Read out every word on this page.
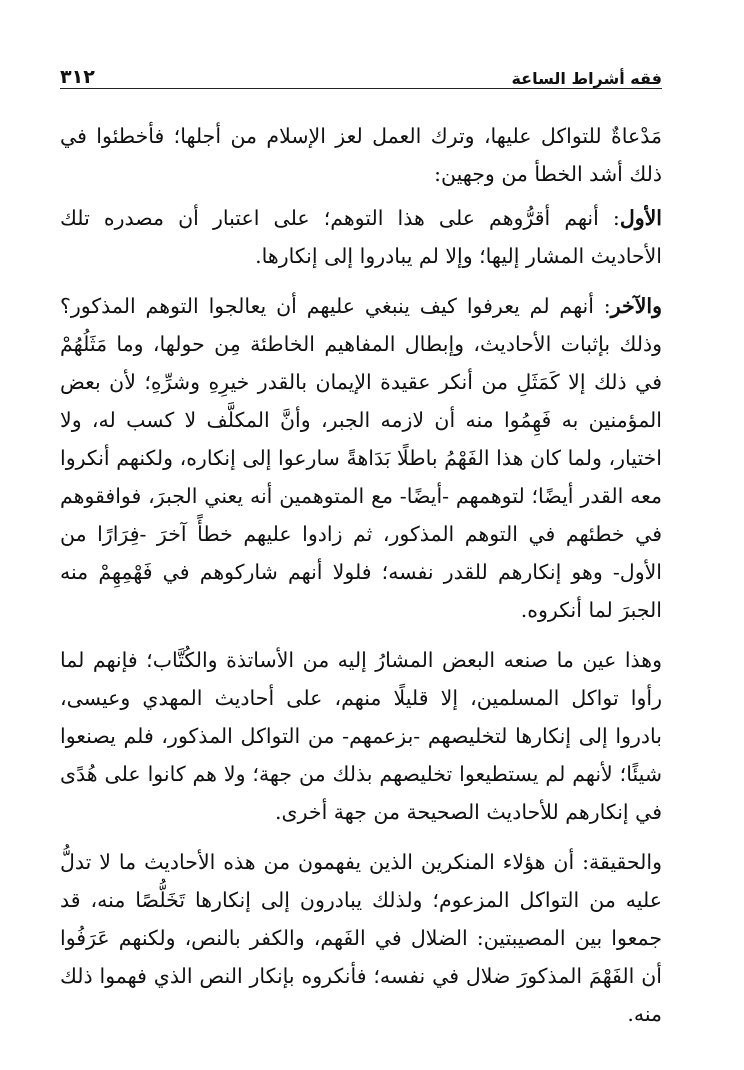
فقه أشراط الساعة
٣١٢

مَدْعاةٌ للتواكل عليها، وترك العمل لعز الإسلام من أجلها؛ فأخطئوا في ذلك أشد الخطأ من وجهين:

الأول: أنهم أقرُّوهم على هذا التوهم؛ على اعتبار أن مصدره تلك الأحاديث المشار إليها؛ وإلا لم يبادروا إلى إنكارها.

والآخر: أنهم لم يعرفوا كيف ينبغي عليهم أن يعالجوا التوهم المذكور؟ وذلك بإثبات الأحاديث، وإبطال المفاهيم الخاطئة مِن حولها، وما مَثَلُهُمْ في ذلك إلا كَمَثَلِ من أنكر عقيدة الإيمان بالقدر خيرِهِ وشرِّهِ؛ لأن بعض المؤمنين به فَهِمُوا منه أن لازمه الجبر، وأنَّ المكلَّف لا كسب له، ولا اختيار، ولما كان هذا الفَهْمُ باطلًا بَدَاهةً سارعوا إلى إنكاره، ولكنهم أنكروا معه القدر أيضًا؛ لتوهمهم -أيضًا- مع المتوهمين أنه يعني الجبرَ، فوافقوهم في خطئهم في التوهم المذكور، ثم زادوا عليهم خطأً آخرَ -فِرَارًا من الأول- وهو إنكارهم للقدر نفسه؛ فلولا أنهم شاركوهم في فَهْمِهِمْ منه الجبرَ لما أنكروه.

وهذا عين ما صنعه البعض المشارُ إليه من الأساتذة والكُتَّاب؛ فإنهم لما رأوا تواكل المسلمين، إلا قليلًا منهم، على أحاديث المهدي وعيسى، بادروا إلى إنكارها لتخليصهم -بزعمهم- من التواكل المذكور، فلم يصنعوا شيئًا؛ لأنهم لم يستطيعوا تخليصهم بذلك من جهة؛ ولا هم كانوا على هُدًى في إنكارهم للأحاديث الصحيحة من جهة أخرى.

والحقيقة: أن هؤلاء المنكرين الذين يفهمون من هذه الأحاديث ما لا تدلُّ عليه من التواكل المزعوم؛ ولذلك يبادرون إلى إنكارها تَخَلُّصًا منه، قد جمعوا بين المصيبتين: الضلال في الفَهم، والكفر بالنص، ولكنهم عَرَفُوا أن الفَهْمَ المذكورَ ضلال في نفسه؛ فأنكروه بإنكار النص الذي فهموا ذلك منه.
